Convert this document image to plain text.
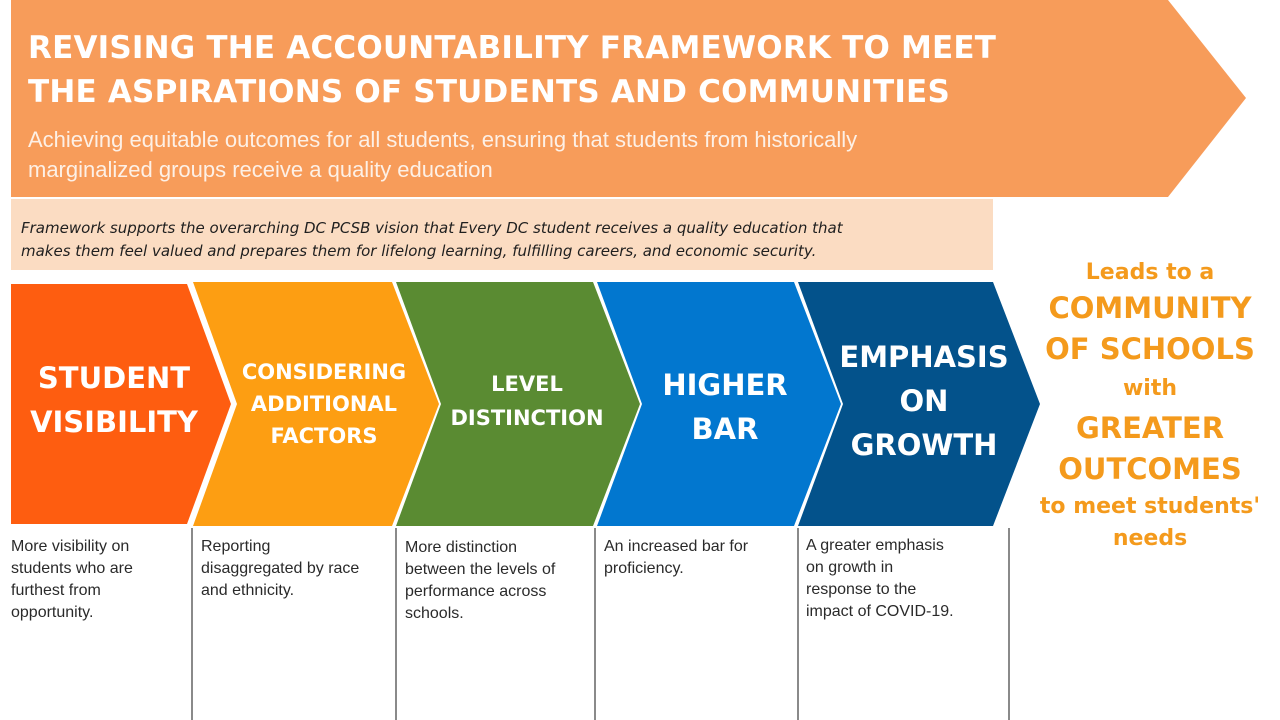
REVISING THE ACCOUNTABILITY FRAMEWORK TO MEET
THE ASPIRATIONS OF STUDENTS AND COMMUNITIES
Achieving equitable outcomes for all students, ensuring that students from historically
marginalized groups receive a quality education
Framework supports the overarching DC PCSB vision that Every DC student receives a quality education that
makes them feel valued and prepares them for lifelong learning, fulfilling careers, and economic security.
STUDENT
VISIBILITY
CONSIDERING
ADDITIONAL
FACTORS
LEVEL
DISTINCTION
HIGHER
BAR
EMPHASIS
ON
GROWTH
More visibility on
students who are
furthest from
opportunity.
Reporting
disaggregated by race
and ethnicity.
More distinction
between the levels of
performance across
schools.
An increased bar for
proficiency.
A greater emphasis
on growth in
response to the
impact of COVID-19.
Leads to a
COMMUNITY
OF SCHOOLS
with
GREATER
OUTCOMES
to meet students'
needs
